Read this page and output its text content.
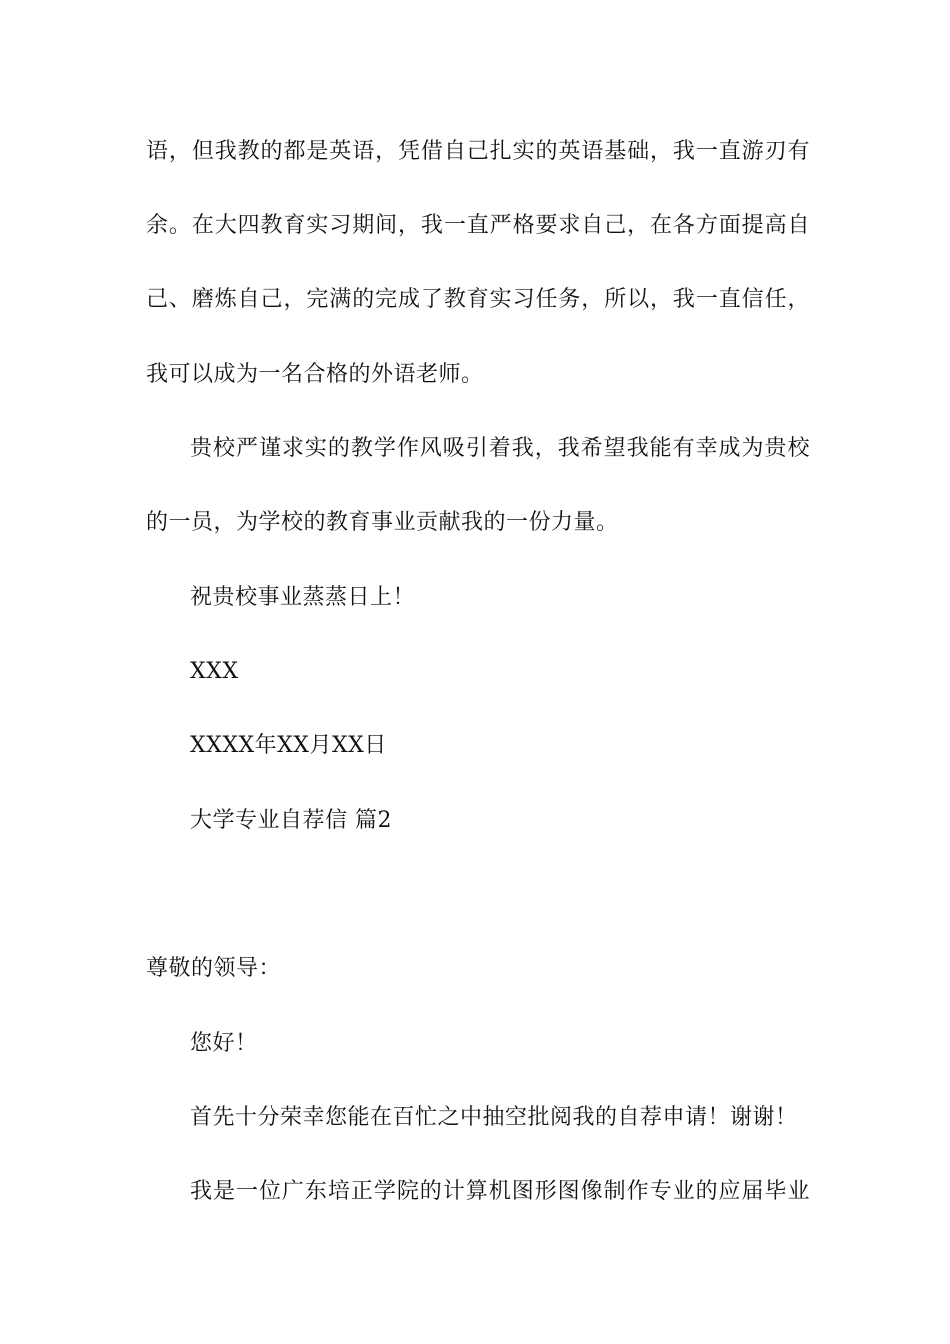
语，但我教的都是英语，凭借自己扎实的英语基础，我一直游刃有
余。在大四教育实习期间，我一直严格要求自己，在各方面提高自
己、磨炼自己，完满的完成了教育实习任务，所以，我一直信任，
我可以成为一名合格的外语老师。
贵校严谨求实的教学作风吸引着我，我希望我能有幸成为贵校
的一员，为学校的教育事业贡献我的一份力量。
祝贵校事业蒸蒸日上！
XXX
XXXX年XX月XX日
大学专业自荐信 篇2
尊敬的领导：
您好！
首先十分荣幸您能在百忙之中抽空批阅我的自荐申请！谢谢！
我是一位广东培正学院的计算机图形图像制作专业的应届毕业
